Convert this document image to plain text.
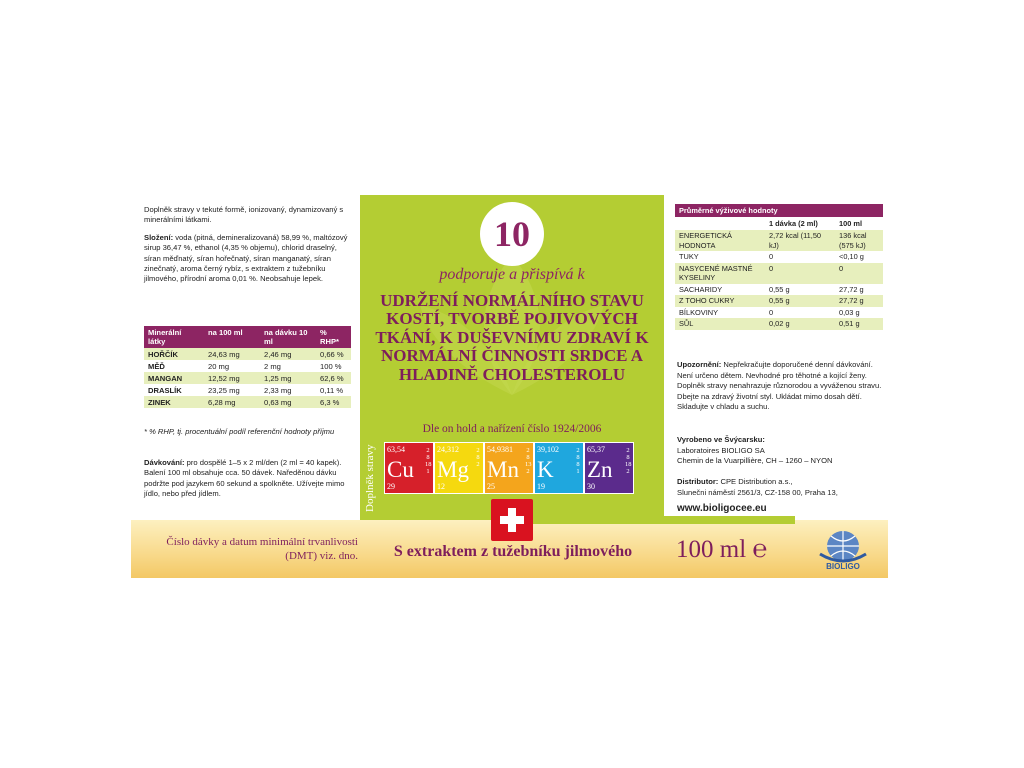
Doplněk stravy v tekuté formě, ionizovaný, dynamizovaný s minerálními látkami.

Složení: voda (pitná, demineralizovaná) 58,99 %, maltózový sirup 36,47 %, ethanol (4,35 % objemu), chlorid draselný, síran měďnatý, síran hořečnatý, síran manganatý, síran zinečnatý, aroma černý rybíz, s extraktem z tužebníku jilmového, přírodní aroma 0,01 %. Neobsahuje lepek.

Minerální látky	na 100 ml	na dávku 10 ml	% RHP*
HOŘČÍK	24,63 mg	2,46 mg	0,66 %
MĚĎ	20 mg	2 mg	100 %
MANGAN	12,52 mg	1,25 mg	62,6 %
DRASLÍK	23,25 mg	2,33 mg	0,11 %
ZINEK	6,28 mg	0,63 mg	6,3 %
* % RHP, tj. procentuální podíl referenční hodnoty příjmu
Dávkování: pro dospělé 1–5 x 2 ml/den (2 ml = 40 kapek). Balení 100 ml obsahuje cca. 50 dávek. Naředěnou dávku podržte pod jazykem 60 sekund a spolkněte. Užívejte mimo jídlo, nebo před jídlem.
10
podporuje a přispívá k
UDRŽENÍ NORMÁLNÍHO STAVU KOSTÍ, TVORBĚ POJIVOVÝCH TKÁNÍ, K DUŠEVNÍMU ZDRAVÍ K NORMÁLNÍ ČINNOSTI SRDCE A HLADINĚ CHOLESTEROLU
Dle on hold a nařízení číslo 1924/2006
Doplněk stravy 63,54
Cu
29
2
8
18
1
24,312
Mg
12
2
8
2
54,9381
Mn
25
2
8
13
2
39,102
K
19
2
8
8
1
65,37
Zn
30
2
8
18
2
Průměrné výživové hodnoty		
	1 dávka (2 ml)	100 ml
ENERGETICKÁ HODNOTA	2,72 kcal (11,50 kJ)	136 kcal (575 kJ)
TUKY	0	<0,10 g
NASYCENÉ MASTNÉ KYSELINY	0	0
SACHARIDY	0,55 g	27,72 g
Z TOHO CUKRY	0,55 g	27,72 g
BÍLKOVINY	0	0,03 g
SŮL	0,02 g	0,51 g
Upozornění: Nepřekračujte doporučené denní dávkování. Není určeno dětem. Nevhodné pro těhotné a kojící ženy. Doplněk stravy nenahrazuje různorodou a vyváženou stravu. Dbejte na zdravý životní styl. Ukládat mimo dosah dětí. Skladujte v chladu a suchu.
Vyrobeno ve Švýcarsku:
Laboratoires BIOLIGO SA
Chemin de la Vuarpillière, CH – 1260 – NYON
Distributor: CPE Distribution a.s.,
Slunečni náměstí 2561/3, CZ-158 00, Praha 13,
www.bioligocee.eu
Číslo dávky a datum minimální trvanlivosti (DMT) viz. dno.	S extraktem z tužebníku jilmového	100 ml ℮
BIOLIGO
